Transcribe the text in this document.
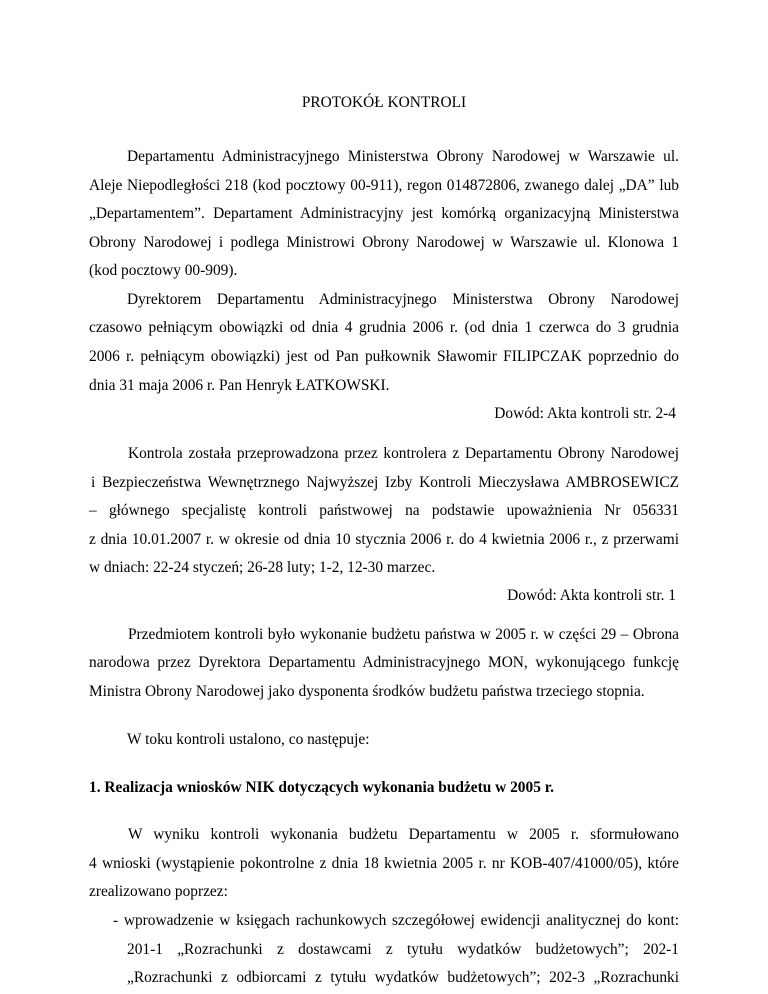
PROTOKÓŁ KONTROLI
Departamentu Administracyjnego Ministerstwa Obrony Narodowej w Warszawie ul.
Aleje Niepodległości 218 (kod pocztowy 00-911), regon 014872806, zwanego dalej „DA” lub
„Departamentem”. Departament Administracyjny jest komórką organizacyjną Ministerstwa
Obrony Narodowej i podlega Ministrowi Obrony Narodowej w Warszawie ul. Klonowa 1
(kod pocztowy 00-909).
Dyrektorem Departamentu Administracyjnego Ministerstwa Obrony Narodowej
czasowo pełniącym obowiązki od dnia 4 grudnia 2006 r. (od dnia 1 czerwca do 3 grudnia
2006 r. pełniącym obowiązki) jest od Pan pułkownik Sławomir FILIPCZAK poprzednio do
dnia 31 maja 2006 r. Pan Henryk ŁATKOWSKI.
Dowód: Akta kontroli str. 2-4
Kontrola została przeprowadzona przez kontrolera z Departamentu Obrony Narodowej
i Bezpieczeństwa Wewnętrznego Najwyższej Izby Kontroli Mieczysława AMBROSEWICZ
– głównego specjalistę kontroli państwowej na podstawie upoważnienia Nr 056331
z dnia 10.01.2007 r. w okresie od dnia 10 stycznia 2006 r. do 4 kwietnia 2006 r., z przerwami
w dniach: 22-24 styczeń; 26-28 luty; 1-2, 12-30 marzec.
Dowód: Akta kontroli str. 1
Przedmiotem kontroli było wykonanie budżetu państwa w 2005 r. w części 29 – Obrona
narodowa przez Dyrektora Departamentu Administracyjnego MON, wykonującego funkcję
Ministra Obrony Narodowej jako dysponenta środków budżetu państwa trzeciego stopnia.
W toku kontroli ustalono, co następuje:
1. Realizacja wniosków NIK dotyczących wykonania budżetu w 2005 r.
W wyniku kontroli wykonania budżetu Departamentu w 2005 r. sformułowano
4 wnioski (wystąpienie pokontrolne z dnia 18 kwietnia 2005 r. nr KOB-407/41000/05), które
zrealizowano poprzez:
- wprowadzenie w księgach rachunkowych szczegółowej ewidencji analitycznej do kont:
201-1 „Rozrachunki z dostawcami z tytułu wydatków budżetowych”; 202-1
„Rozrachunki z odbiorcami z tytułu wydatków budżetowych”; 202-3 „Rozrachunki
